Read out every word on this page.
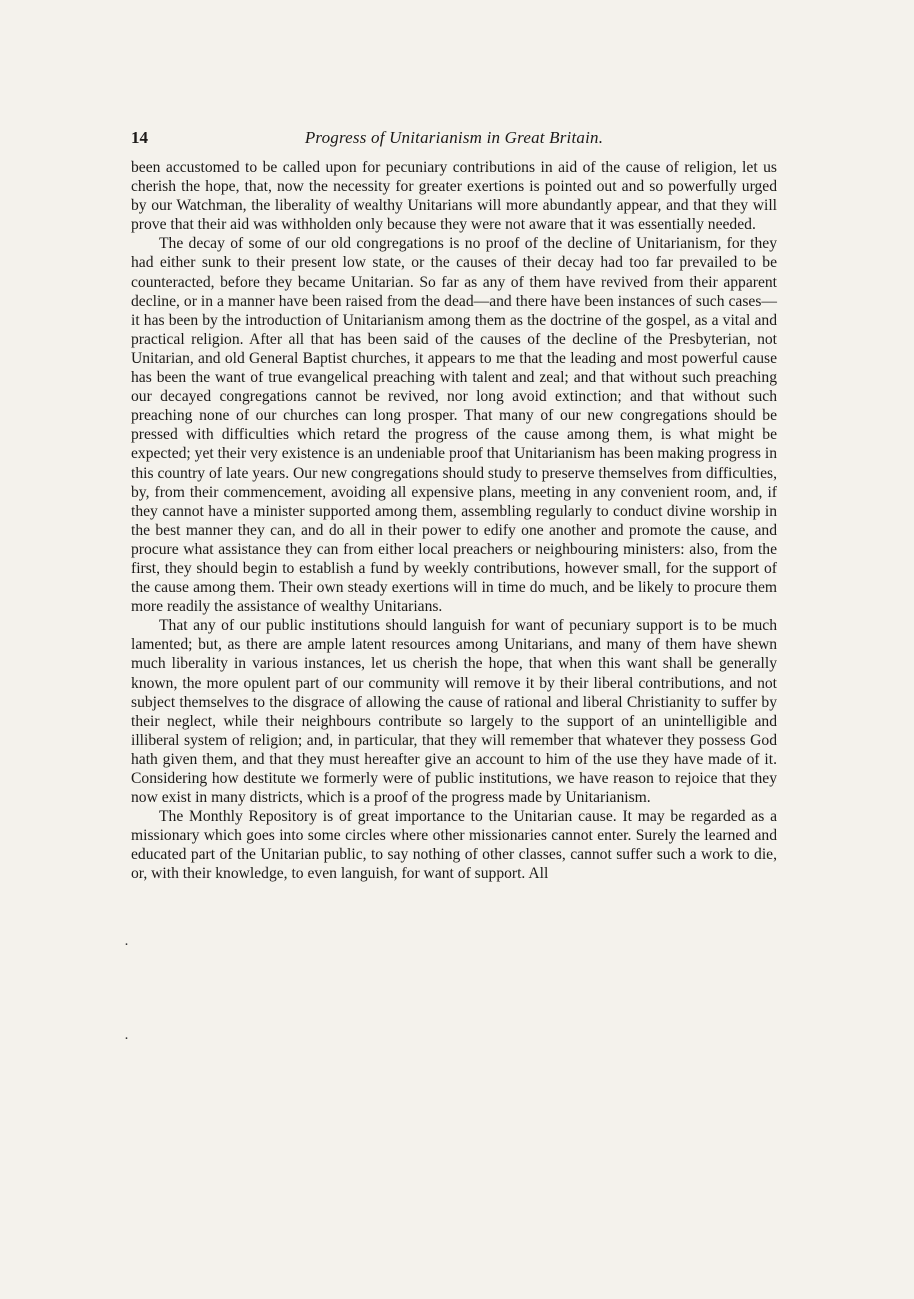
14	Progress of Unitarianism in Great Britain.

been accustomed to be called upon for pecuniary contributions in aid of the cause of religion, let us cherish the hope, that, now the necessity for greater exertions is pointed out and so powerfully urged by our Watchman, the liberality of wealthy Unitarians will more abundantly appear, and that they will prove that their aid was withholden only because they were not aware that it was essentially needed.

The decay of some of our old congregations is no proof of the decline of Unitarianism, for they had either sunk to their present low state, or the causes of their decay had too far prevailed to be counteracted, before they became Unitarian. So far as any of them have revived from their apparent decline, or in a manner have been raised from the dead—and there have been instances of such cases—it has been by the introduction of Unitarianism among them as the doctrine of the gospel, as a vital and practical religion. After all that has been said of the causes of the decline of the Presbyterian, not Unitarian, and old General Baptist churches, it appears to me that the leading and most powerful cause has been the want of true evangelical preaching with talent and zeal; and that without such preaching our decayed congregations cannot be revived, nor long avoid extinction; and that without such preaching none of our churches can long prosper. That many of our new congregations should be pressed with difficulties which retard the progress of the cause among them, is what might be expected; yet their very existence is an undeniable proof that Unitarianism has been making progress in this country of late years. Our new congregations should study to preserve themselves from difficulties, by, from their commencement, avoiding all expensive plans, meeting in any convenient room, and, if they cannot have a minister supported among them, assembling regularly to conduct divine worship in the best manner they can, and do all in their power to edify one another and promote the cause, and procure what assistance they can from either local preachers or neighbouring ministers: also, from the first, they should begin to establish a fund by weekly contributions, however small, for the support of the cause among them. Their own steady exertions will in time do much, and be likely to procure them more readily the assistance of wealthy Unitarians.

That any of our public institutions should languish for want of pecuniary support is to be much lamented; but, as there are ample latent resources among Unitarians, and many of them have shewn much liberality in various instances, let us cherish the hope, that when this want shall be generally known, the more opulent part of our community will remove it by their liberal contributions, and not subject themselves to the disgrace of allowing the cause of rational and liberal Christianity to suffer by their neglect, while their neighbours contribute so largely to the support of an unintelligible and illiberal system of religion; and, in particular, that they will remember that whatever they possess God hath given them, and that they must hereafter give an account to him of the use they have made of it. Considering how destitute we formerly were of public institutions, we have reason to rejoice that they now exist in many districts, which is a proof of the progress made by Unitarianism.

The Monthly Repository is of great importance to the Unitarian cause. It may be regarded as a missionary which goes into some circles where other missionaries cannot enter. Surely the learned and educated part of the Unitarian public, to say nothing of other classes, cannot suffer such a work to die, or, with their knowledge, to even languish, for want of support. All

·
·
